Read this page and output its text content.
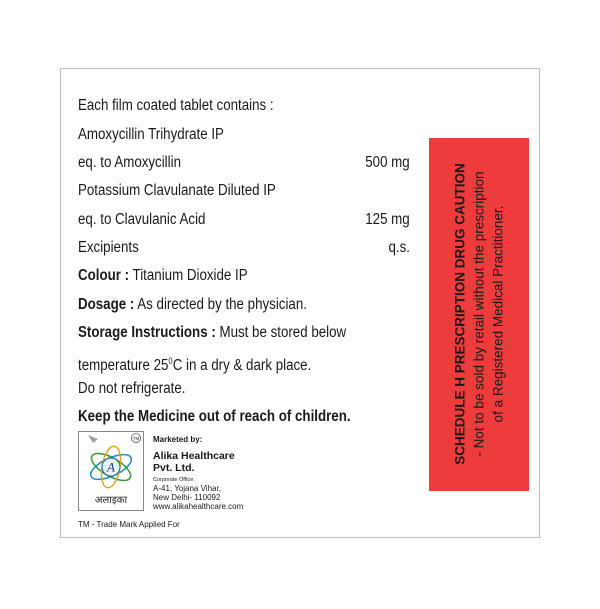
Each film coated tablet contains :
Amoxycillin Trihydrate IP
eq. to Amoxycillin	500 mg
Potassium Clavulanate Diluted IP
eq. to Clavulanic Acid	125 mg
Excipients	q.s.
Colour : Titanium Dioxide IP
Dosage : As directed by the physician.
Storage Instructions : Must be stored below
temperature $25^0C$ in a dry & dark place.
Do not refrigerate.
Keep the Medicine out of reach of children.	SCHEDULE H PRESCRIPTION DRUG CAUTION - Not to be sold by retail without the prescription of a Registered Medical Practitioner.
TM
A
अलाइका
Marketed by:
Alika Healthcare
Pvt. Ltd.
Corporate Office:
A-41, Yojana Vihar,
New Delhi- 110092
www.alikahealthcare.com
TM - Trade Mark Applied For
